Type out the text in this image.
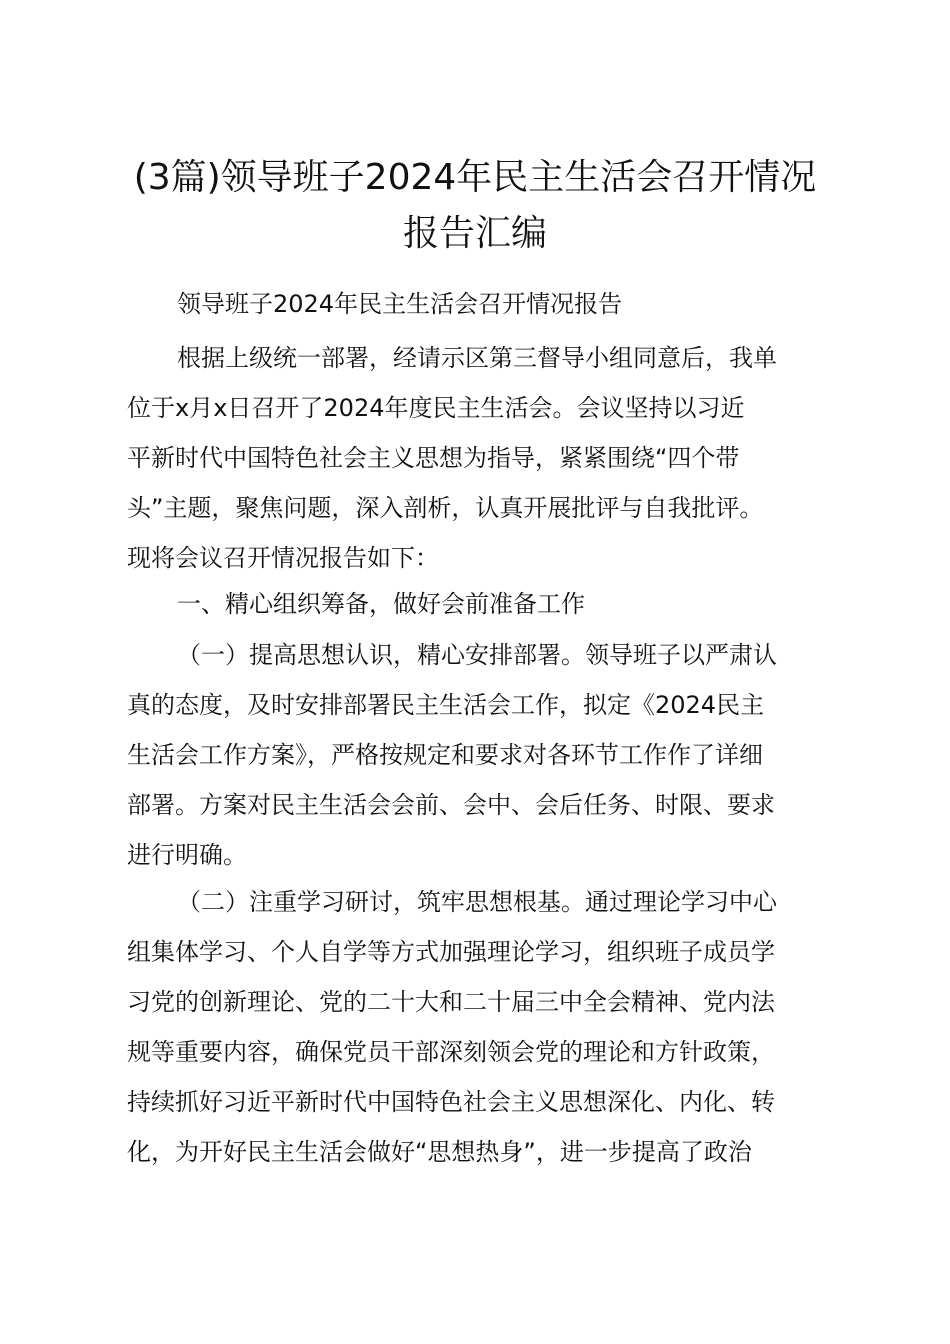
(3篇)领导班子2024年民主生活会召开情况
报告汇编

领导班子2024年民主生活会召开情况报告

根据上级统一部署，经请示区第三督导小组同意后，我单
位于x月x日召开了2024年度民主生活会。会议坚持以习近
平新时代中国特色社会主义思想为指导，紧紧围绕“四个带
头”主题，聚焦问题，深入剖析，认真开展批评与自我批评。
现将会议召开情况报告如下：

一、精心组织筹备，做好会前准备工作

（一）提高思想认识，精心安排部署。领导班子以严肃认
真的态度，及时安排部署民主生活会工作，拟定《2024民主
生活会工作方案》，严格按规定和要求对各环节工作作了详细
部署。方案对民主生活会会前、会中、会后任务、时限、要求
进行明确。
（二）注重学习研讨，筑牢思想根基。通过理论学习中心
组集体学习、个人自学等方式加强理论学习，组织班子成员学
习党的创新理论、党的二十大和二十届三中全会精神、党内法
规等重要内容，确保党员干部深刻领会党的理论和方针政策，
持续抓好习近平新时代中国特色社会主义思想深化、内化、转
化，为开好民主生活会做好“思想热身”，进一步提高了政治
